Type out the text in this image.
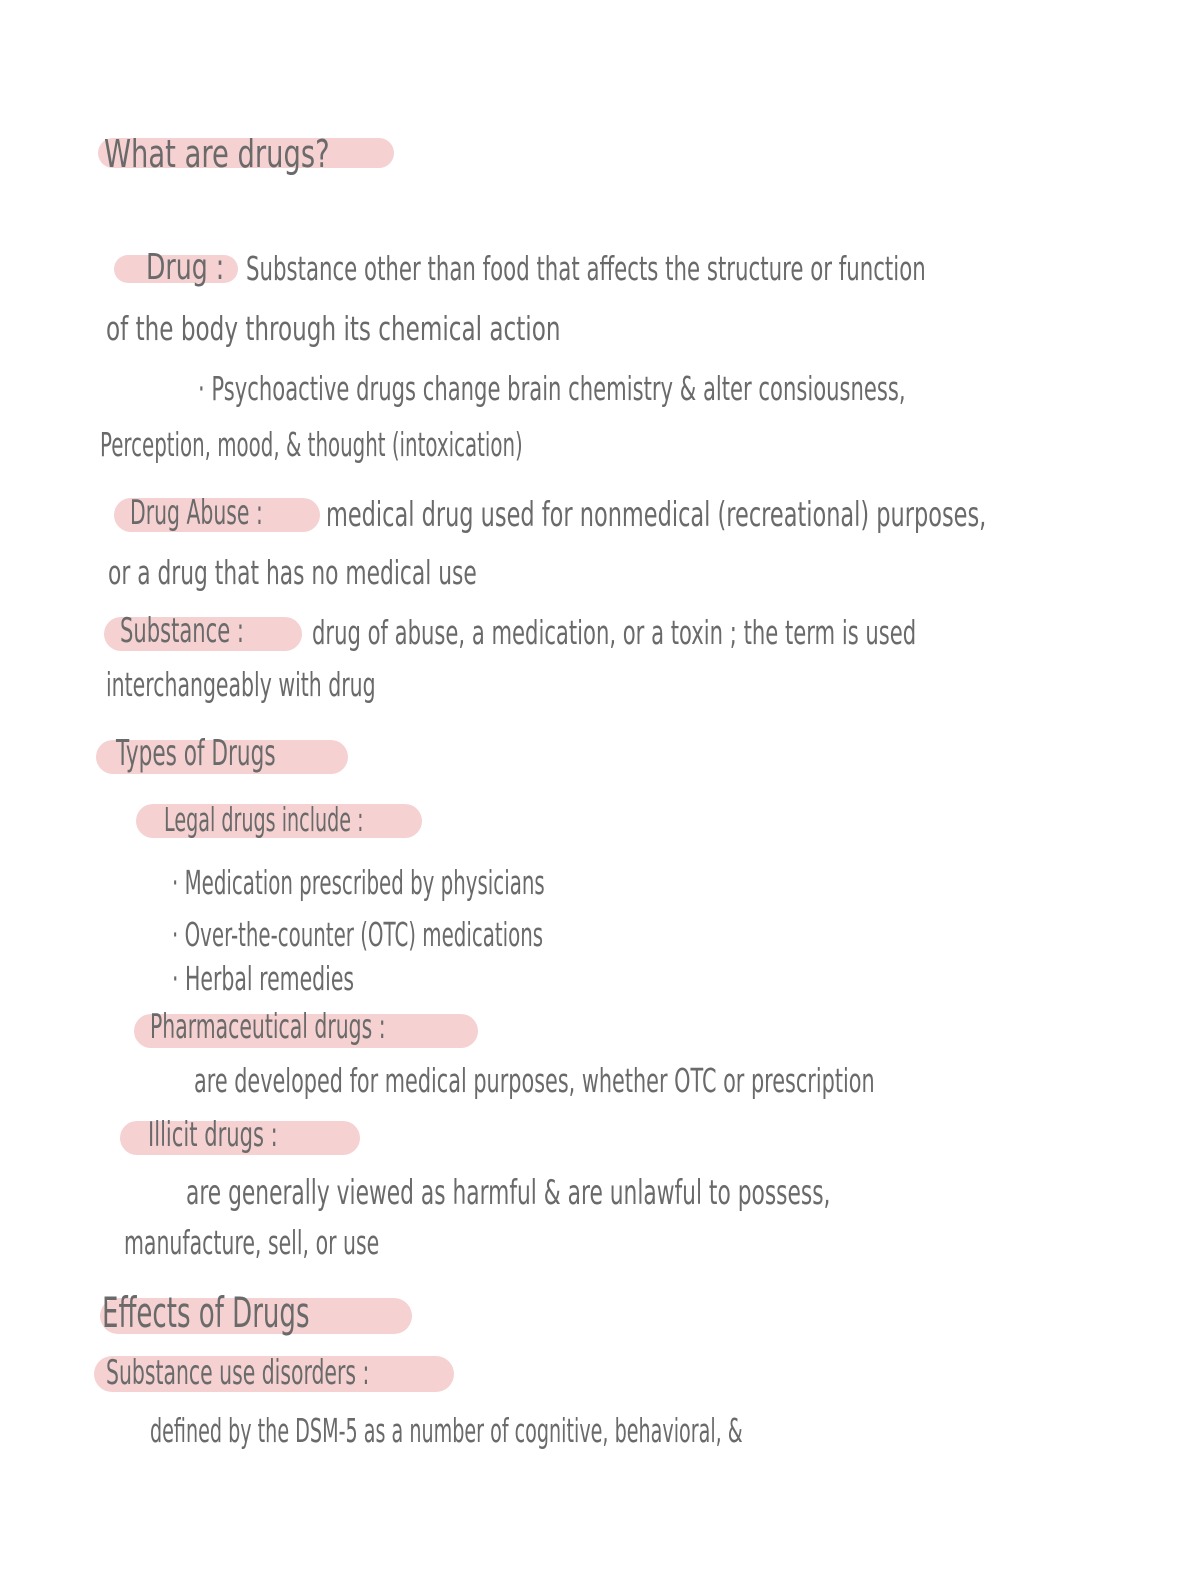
What are drugs?
Drug : Substance other than food that affects the structure or function
of the body through its chemical action
· Psychoactive drugs change brain chemistry & alter consiousness,
Perception, mood, & thought (intoxication)
Drug Abuse : medical drug used for nonmedical (recreational) purposes,
or a drug that has no medical use
Substance : drug of abuse, a medication, or a toxin ; the term is used
interchangeably with drug
Types of Drugs
Legal drugs include :
· Medication prescribed by physicians
· Over-the-counter (OTC) medications
· Herbal remedies
Pharmaceutical drugs :
are developed for medical purposes, whether OTC or prescription
Illicit drugs :
are generally viewed as harmful & are unlawful to possess,
manufacture, sell, or use
Effects of Drugs
Substance use disorders :
defined by the DSM-5 as a number of cognitive, behavioral, &
